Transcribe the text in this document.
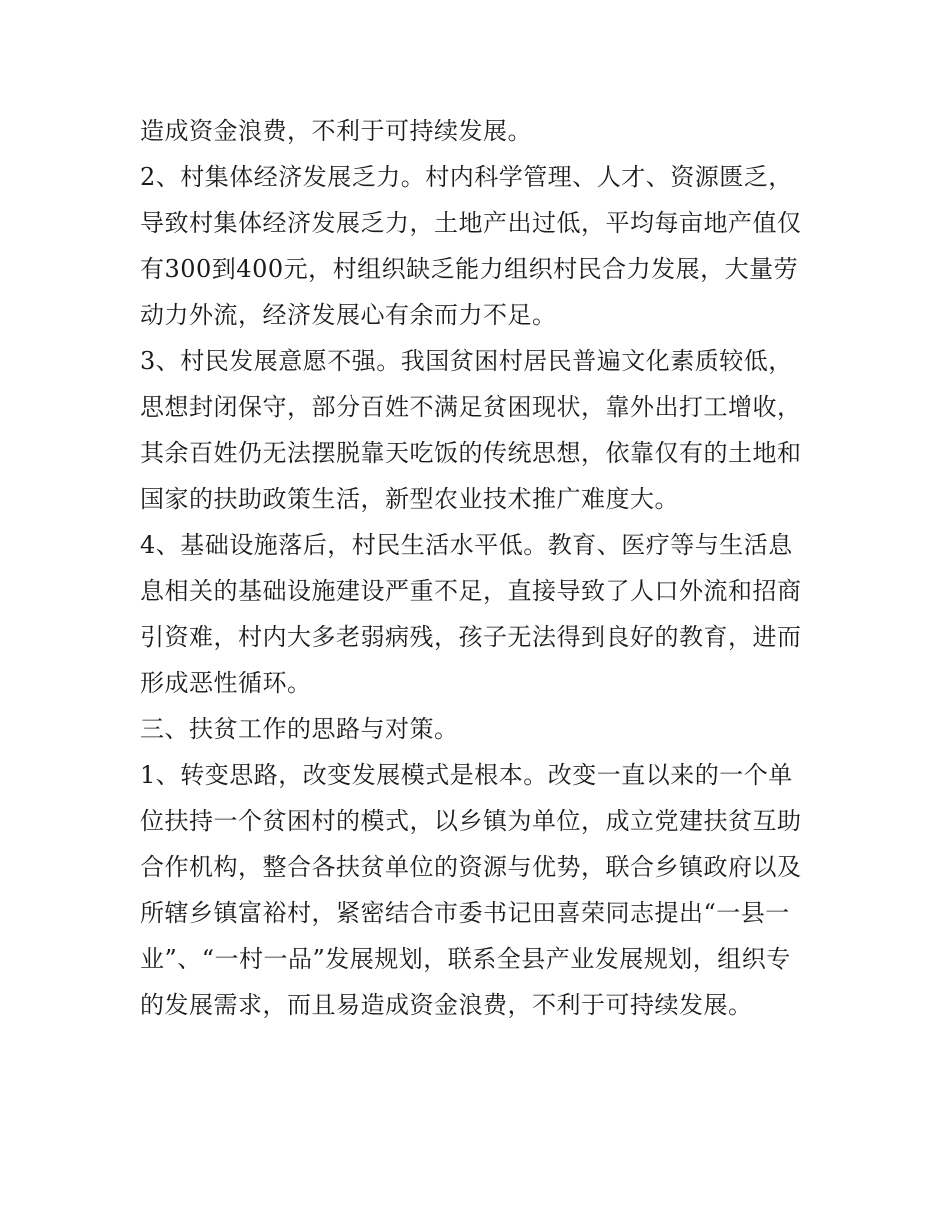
造成资金浪费，不利于可持续发展。
2、村集体经济发展乏力。村内科学管理、人才、资源匮乏，
导致村集体经济发展乏力，土地产出过低，平均每亩地产值仅
有300到400元，村组织缺乏能力组织村民合力发展，大量劳
动力外流，经济发展心有余而力不足。
3、村民发展意愿不强。我国贫困村居民普遍文化素质较低，
思想封闭保守，部分百姓不满足贫困现状，靠外出打工增收，
其余百姓仍无法摆脱靠天吃饭的传统思想，依靠仅有的土地和
国家的扶助政策生活，新型农业技术推广难度大。
4、基础设施落后，村民生活水平低。教育、医疗等与生活息
息相关的基础设施建设严重不足，直接导致了人口外流和招商
引资难，村内大多老弱病残，孩子无法得到良好的教育，进而
形成恶性循环。
三、扶贫工作的思路与对策。
1、转变思路，改变发展模式是根本。改变一直以来的一个单
位扶持一个贫困村的模式，以乡镇为单位，成立党建扶贫互助
合作机构，整合各扶贫单位的资源与优势，联合乡镇政府以及
所辖乡镇富裕村，紧密结合市委书记田喜荣同志提出“一县一
业”、“一村一品”发展规划，联系全县产业发展规划，组织专
的发展需求，而且易造成资金浪费，不利于可持续发展。
